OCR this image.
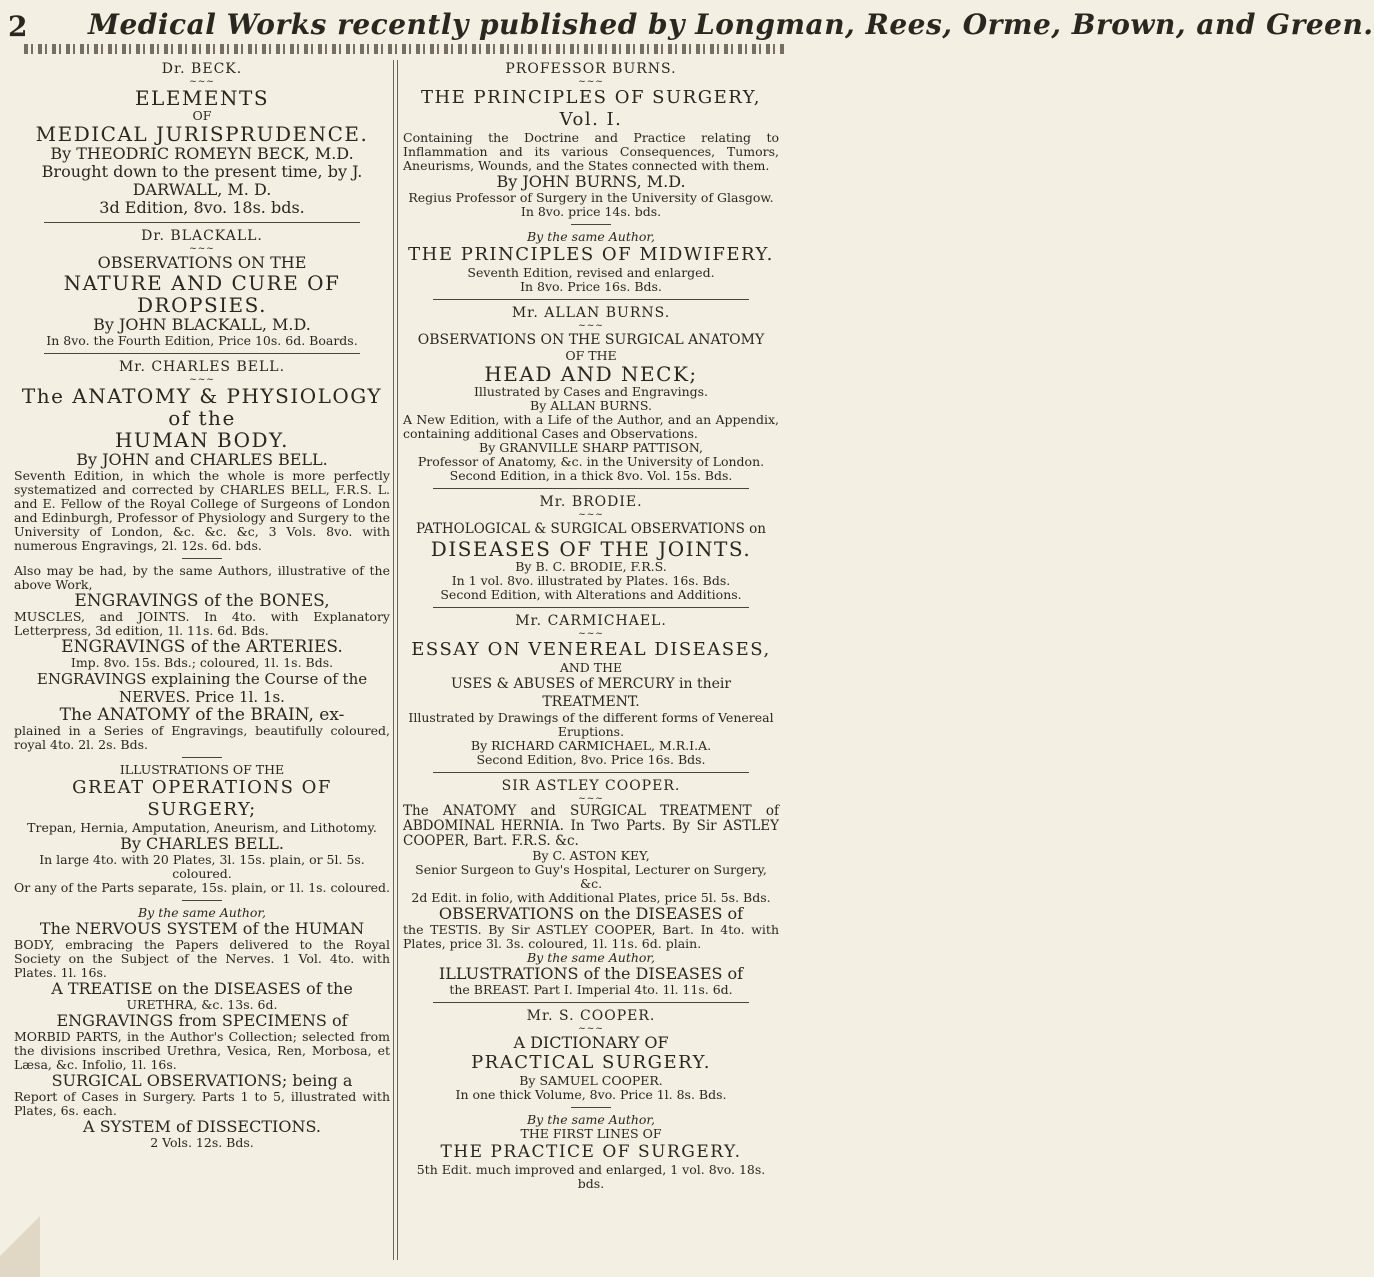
2 Medical Works recently published by Longman, Rees, Orme, Brown, and Green.
Dr. BECK.
~~~
ELEMENTS
OF
MEDICAL JURISPRUDENCE.
By THEODRIC ROMEYN BECK, M.D.
Brought down to the present time, by J. DARWALL, M. D.
3d Edition, 8vo. 18s. bds.
Dr. BLACKALL.
~~~
OBSERVATIONS ON THE
NATURE AND CURE OF DROPSIES.
By JOHN BLACKALL, M.D.
In 8vo. the Fourth Edition, Price 10s. 6d. Boards.
Mr. CHARLES BELL.
~~~
The ANATOMY & PHYSIOLOGY of the
HUMAN BODY.
By JOHN and CHARLES BELL.
Seventh Edition, in which the whole is more perfectly systematized and corrected by CHARLES BELL, F.R.S. L. and E. Fellow of the Royal College of Surgeons of London and Edinburgh, Professor of Physiology and Surgery to the University of London, &c. &c. &c, 3 Vols. 8vo. with numerous Engravings, 2l. 12s. 6d. bds.
Also may be had, by the same Authors, illustrative of the above Work,
ENGRAVINGS of the BONES,
MUSCLES, and JOINTS. In 4to. with Explanatory Letterpress, 3d edition, 1l. 11s. 6d. Bds.
ENGRAVINGS of the ARTERIES.
Imp. 8vo. 15s. Bds.; coloured, 1l. 1s. Bds.
ENGRAVINGS explaining the Course of the NERVES. Price 1l. 1s.
The ANATOMY of the BRAIN, ex-
plained in a Series of Engravings, beautifully coloured, royal 4to. 2l. 2s. Bds.
ILLUSTRATIONS OF THE
GREAT OPERATIONS OF SURGERY;
Trepan, Hernia, Amputation, Aneurism, and Lithotomy.
By CHARLES BELL.
In large 4to. with 20 Plates, 3l. 15s. plain, or 5l. 5s. coloured.
Or any of the Parts separate, 15s. plain, or 1l. 1s. coloured.
By the same Author,
The NERVOUS SYSTEM of the HUMAN
BODY, embracing the Papers delivered to the Royal Society on the Subject of the Nerves. 1 Vol. 4to. with Plates. 1l. 16s.
A TREATISE on the DISEASES of the
URETHRA, &c. 13s. 6d.
ENGRAVINGS from SPECIMENS of
MORBID PARTS, in the Author's Collection; selected from the divisions inscribed Urethra, Vesica, Ren, Morbosa, et Læsa, &c. Infolio, 1l. 16s.
SURGICAL OBSERVATIONS; being a
Report of Cases in Surgery. Parts 1 to 5, illustrated with Plates, 6s. each.
A SYSTEM of DISSECTIONS.
2 Vols. 12s. Bds.
PROFESSOR BURNS.
~~~
THE PRINCIPLES OF SURGERY, Vol. I.
Containing the Doctrine and Practice relating to Inflammation and its various Consequences, Tumors, Aneurisms, Wounds, and the States connected with them.
By JOHN BURNS, M.D.
Regius Professor of Surgery in the University of Glasgow.
In 8vo. price 14s. bds.
By the same Author,
THE PRINCIPLES OF MIDWIFERY.
Seventh Edition, revised and enlarged.
In 8vo. Price 16s. Bds.
Mr. ALLAN BURNS.
~~~
OBSERVATIONS ON THE SURGICAL ANATOMY
OF THE
HEAD AND NECK;
Illustrated by Cases and Engravings.
By ALLAN BURNS.
A New Edition, with a Life of the Author, and an Appendix, containing additional Cases and Observations.
By GRANVILLE SHARP PATTISON,
Professor of Anatomy, &c. in the University of London.
Second Edition, in a thick 8vo. Vol. 15s. Bds.
Mr. BRODIE.
~~~
PATHOLOGICAL & SURGICAL OBSERVATIONS on
DISEASES OF THE JOINTS.
By B. C. BRODIE, F.R.S.
In 1 vol. 8vo. illustrated by Plates. 16s. Bds.
Second Edition, with Alterations and Additions.
Mr. CARMICHAEL.
~~~
ESSAY ON VENEREAL DISEASES,
AND THE
USES & ABUSES of MERCURY in their TREATMENT.
Illustrated by Drawings of the different forms of Venereal Eruptions.
By RICHARD CARMICHAEL, M.R.I.A.
Second Edition, 8vo. Price 16s. Bds.
SIR ASTLEY COOPER.
~~~
The ANATOMY and SURGICAL TREATMENT of ABDOMINAL HERNIA. In Two Parts. By Sir ASTLEY COOPER, Bart. F.R.S. &c.
By C. ASTON KEY,
Senior Surgeon to Guy's Hospital, Lecturer on Surgery, &c.
2d Edit. in folio, with Additional Plates, price 5l. 5s. Bds.
OBSERVATIONS on the DISEASES of
the TESTIS. By Sir ASTLEY COOPER, Bart. In 4to. with Plates, price 3l. 3s. coloured, 1l. 11s. 6d. plain.
By the same Author,
ILLUSTRATIONS of the DISEASES of
the BREAST. Part I. Imperial 4to. 1l. 11s. 6d.
Mr. S. COOPER.
~~~
A DICTIONARY OF
PRACTICAL SURGERY.
By SAMUEL COOPER.
In one thick Volume, 8vo. Price 1l. 8s. Bds.
By the same Author,
THE FIRST LINES OF
THE PRACTICE OF SURGERY.
5th Edit. much improved and enlarged, 1 vol. 8vo. 18s. bds.
